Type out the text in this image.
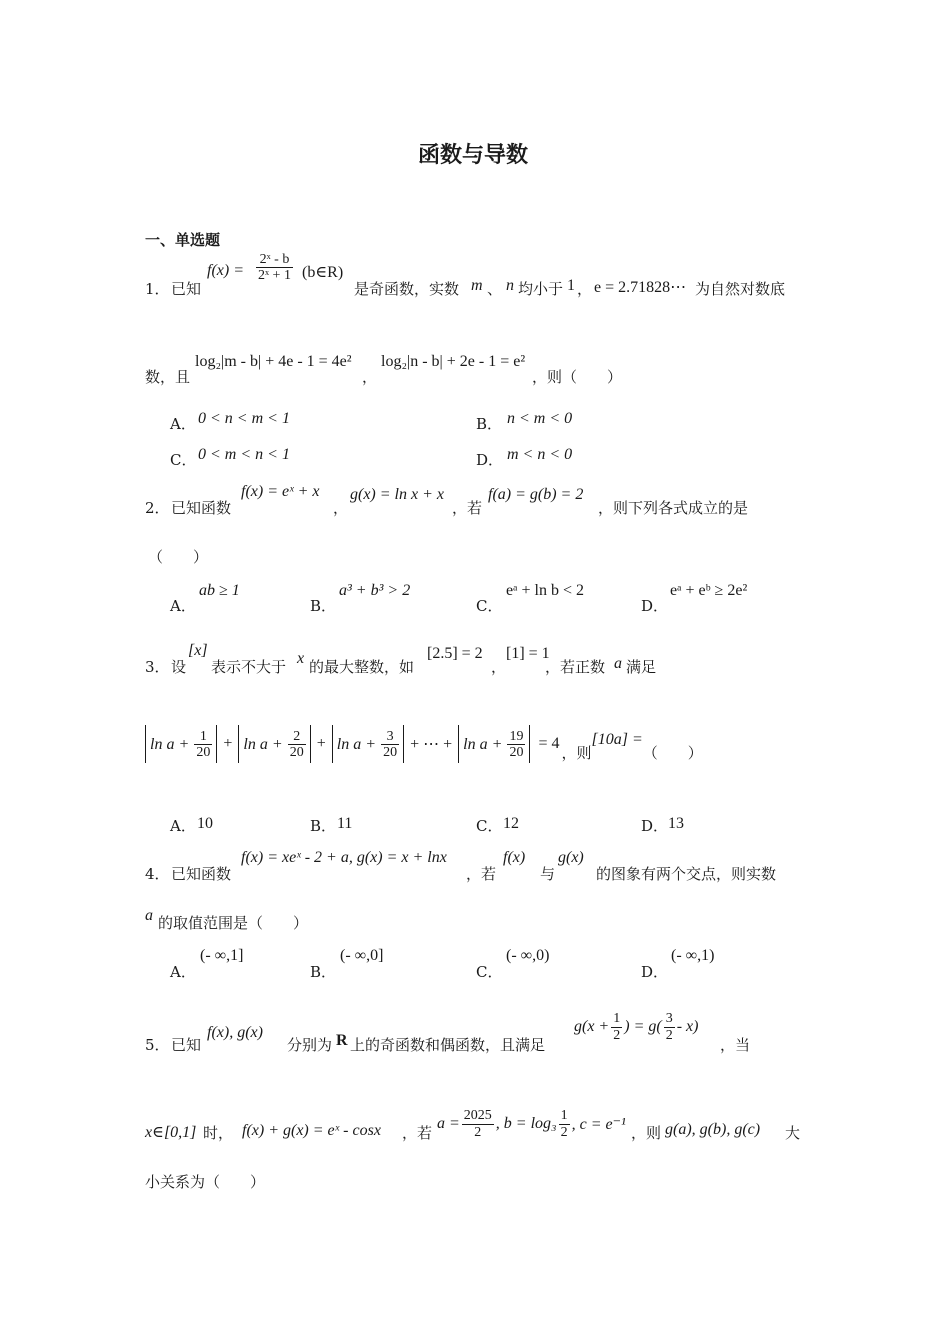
函数与导数
一、单选题
1． 已知
$f(x) = \frac{\text{2ˣ - b}}{\text{2ˣ + 1}}$ (b∈R)
是奇函数，实数 m 、 n 均小于 1 ， e = 2.71828⋯ 为自然对数底
数，且
log₂|m - b| + 4e - 1 = 4e²
，
log₂|n - b| + 2e - 1 = e²
，则（　　）
A． 0 < n < m < 1	B． n < m < 0
C． 0 < m < n < 1	D． m < n < 0
2． 已知函数
f(x) = eˣ + x
，
g(x) = ln x + x
，若
f(a) = g(b) = 2
，则下列各式成立的是
（　　）
A．
ab ≥ 1
B．
a³ + b³ > 2
C．
eᵃ + ln b < 2
D．
eᵃ + eᵇ ≥ 2e²
3． 设
[x]
表示不大于 x 的最大整数，如
[2.5] = 2
，
[1] = 1
，若正数 a 满足
$\ln a + \frac{1}{20} + \ln a + \frac{2}{20} + \ln a + \frac{3}{20}$ + ⋯ + $\ln a + \frac{19}{20} = 4$ ，则
[10a] =
（　　）
A． 10	B． 11	C． 12	D． 13
4． 已知函数
f(x) = xeˣ - 2 + a, g(x) = x + lnx
，若
f(x)
与
g(x)
的图象有两个交点，则实数
a 的取值范围是（　　）
A．
(- ∞,1]
B．
(- ∞,0]
C．
(- ∞,0)
D．
(- ∞,1)
5． 已知
f(x), g(x)
分别为 R 上的奇函数和偶函数，且满足
$g(x + \frac{1}{2}$ ) = $g( \frac{3}{2} - x)$
，当
x∈[0,1] 时， f(x) + g(x) = eˣ - cosx ，若
$a = \frac{2025}{2}$ , $b = \log_3 \frac{1}{2}$ , c = e⁻¹ ，则 g(a), g(b), g(c) 大
小关系为（　　）
